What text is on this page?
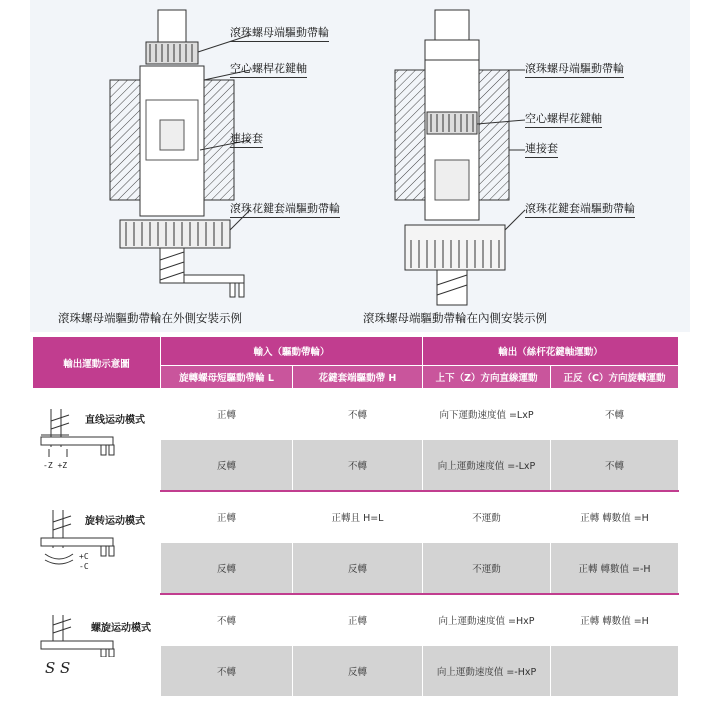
滾珠螺母端驅動帶輪
空心螺桿花鍵軸
連接套
滾珠花鍵套端驅動帶輪
滾珠螺母端驅動帶輪
空心螺桿花鍵軸
連接套
滾珠花鍵套端驅動帶輪
滾珠螺母端驅動帶輪在外側安裝示例	滾珠螺母端驅動帶輪在內側安裝示例
輸出運動示意圖	輸入（驅動帶輪）		輸出（絲杆花鍵軸運動）	
	旋轉螺母短驅動帶輪 L	花鍵套端驅動帶 H	上下（Z）方向直線運動	正反（C）方向旋轉運動

直线运动模式
-Z +Z	正轉	不轉	向下運動速度值 =LxP	不轉
	反轉	不轉	向上運動速度值 =-LxP	不轉

旋转运动模式
+C
-C	正轉	正轉且 H=L	不運動	正轉 轉數值 =H
	反轉	反轉	不運動	正轉 轉數值 =-H

螺旋运动模式
S S	不轉	正轉	向上運動速度值 =HxP	正轉 轉數值 =H
	不轉	反轉	向上運動速度值 =-HxP	
